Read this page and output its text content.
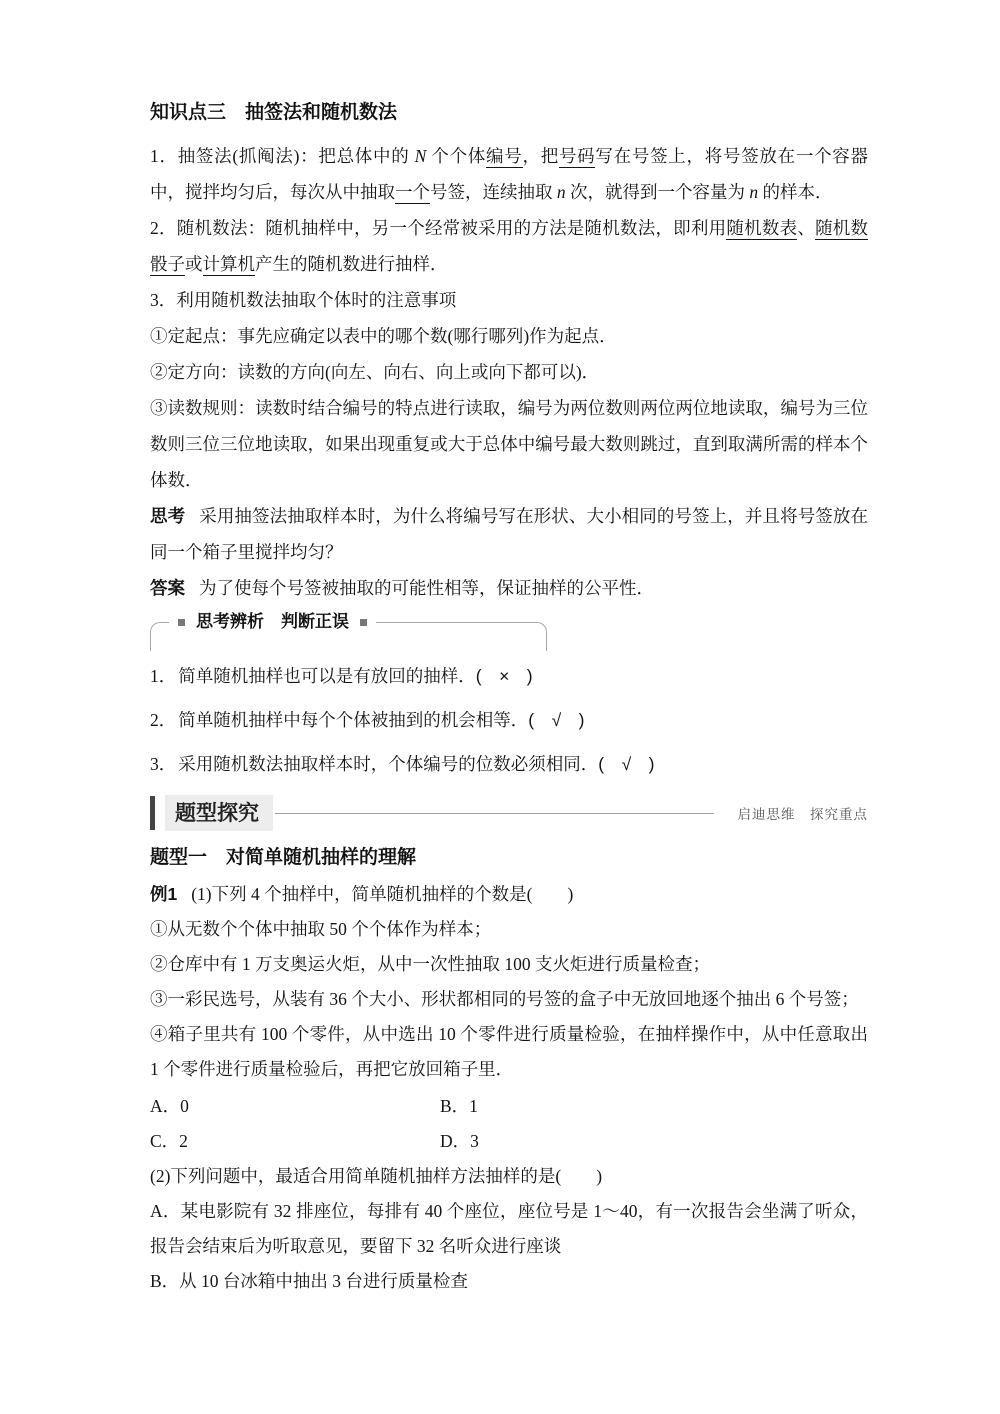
知识点三　抽签法和随机数法

1．抽签法(抓阄法)：把总体中的 N 个个体编号，把号码写在号签上，将号签放在一个容器中，搅拌均匀后，每次从中抽取一个号签，连续抽取 n 次，就得到一个容量为 n 的样本．

2．随机数法：随机抽样中，另一个经常被采用的方法是随机数法，即利用随机数表、随机数骰子或计算机产生的随机数进行抽样．

3．利用随机数法抽取个体时的注意事项

①定起点：事先应确定以表中的哪个数(哪行哪列)作为起点．

②定方向：读数的方向(向左、向右、向上或向下都可以)．

③读数规则：读数时结合编号的特点进行读取，编号为两位数则两位两位地读取，编号为三位数则三位三位地读取，如果出现重复或大于总体中编号最大数则跳过，直到取满所需的样本个体数．

思考 采用抽签法抽取样本时，为什么将编号写在形状、大小相同的号签上，并且将号签放在同一个箱子里搅拌均匀？

答案 为了使每个号签被抽取的可能性相等，保证抽样的公平性．

思考辨析　判断正误

1． 简单随机抽样也可以是有放回的抽样．(　×　)

2． 简单随机抽样中每个个体被抽到的机会相等．(　√　)

3． 采用随机数法抽取样本时，个体编号的位数必须相同．(　√　)

题型探究	启迪思维　探究重点
题型一　对简单随机抽样的理解

例1 (1)下列 4 个抽样中，简单随机抽样的个数是(　　)

①从无数个个体中抽取 50 个个体作为样本；

②仓库中有 1 万支奥运火炬，从中一次性抽取 100 支火炬进行质量检查；

③一彩民选号，从装有 36 个大小、形状都相同的号签的盒子中无放回地逐个抽出 6 个号签；

④箱子里共有 100 个零件，从中选出 10 个零件进行质量检验，在抽样操作中，从中任意取出 1 个零件进行质量检验后，再把它放回箱子里．

A．0	B．1
C．2	D．3

(2)下列问题中，最适合用简单随机抽样方法抽样的是(　　)

A．某电影院有 32 排座位，每排有 40 个座位，座位号是 1～40，有一次报告会坐满了听众，报告会结束后为听取意见，要留下 32 名听众进行座谈

B．从 10 台冰箱中抽出 3 台进行质量检查
